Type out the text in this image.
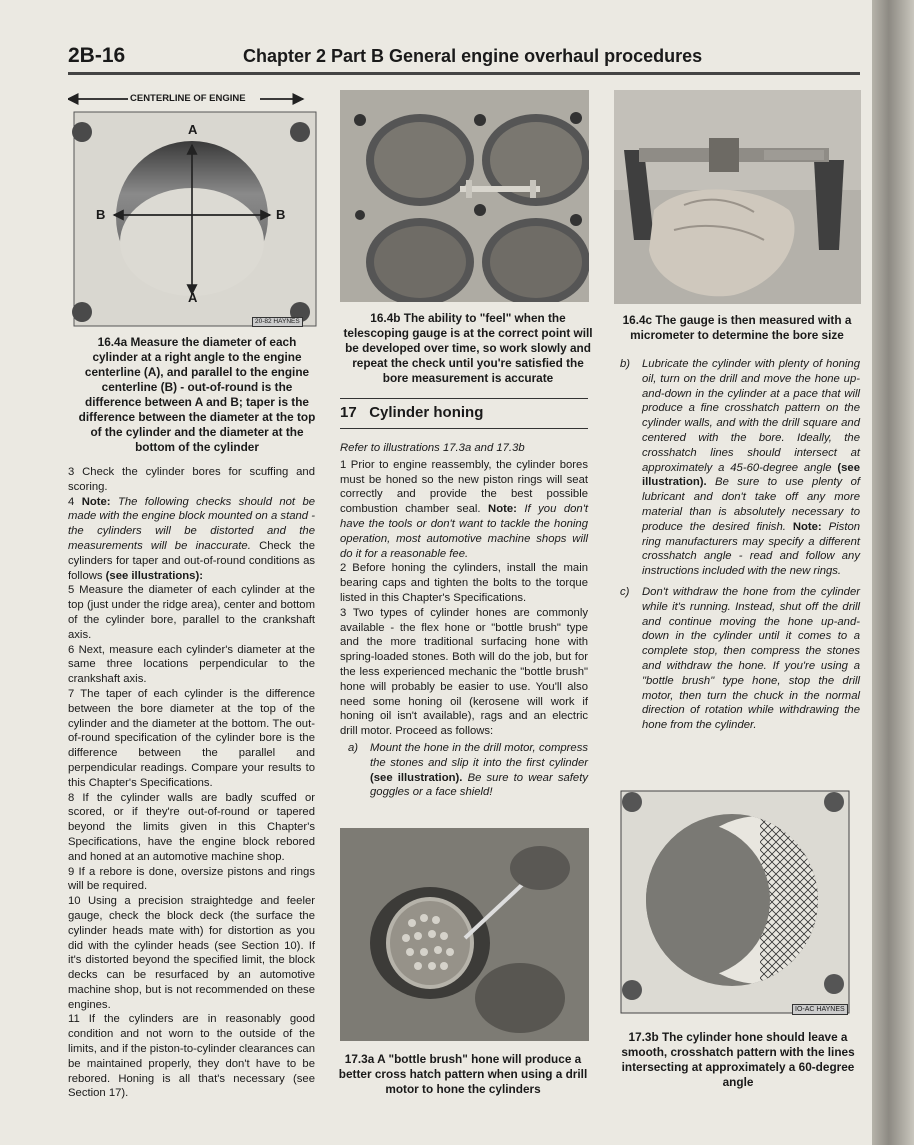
2B-16	Chapter 2 Part B General engine overhaul procedures
CENTERLINE OF ENGINE
A
A
B	B
20-82 HAYNES
16.4a Measure the diameter of each cylinder at a right angle to the engine centerline (A), and parallel to the engine centerline (B) - out-of-round is the difference between A and B; taper is the difference between the diameter at the top of the cylinder and the diameter at the bottom of the cylinder
16.4b The ability to "feel" when the telescoping gauge is at the correct point will be developed over time, so work slowly and repeat the check until you're satisfied the bore measurement is accurate
16.4c The gauge is then measured with a micrometer to determine the bore size

3 Check the cylinder bores for scuffing and scoring.

4 Note: The following checks should not be made with the engine block mounted on a stand - the cylinders will be distorted and the measurements will be inaccurate. Check the cylinders for taper and out-of-round conditions as follows (see illustrations):

5 Measure the diameter of each cylinder at the top (just under the ridge area), center and bottom of the cylinder bore, parallel to the crankshaft axis.

6 Next, measure each cylinder's diameter at the same three locations perpendicular to the crankshaft axis.

7 The taper of each cylinder is the difference between the bore diameter at the top of the cylinder and the diameter at the bottom. The out-of-round specification of the cylinder bore is the difference between the parallel and perpendicular readings. Compare your results to this Chapter's Specifications.

8 If the cylinder walls are badly scuffed or scored, or if they're out-of-round or tapered beyond the limits given in this Chapter's Specifications, have the engine block rebored and honed at an automotive machine shop.

9 If a rebore is done, oversize pistons and rings will be required.

10 Using a precision straightedge and feeler gauge, check the block deck (the surface the cylinder heads mate with) for distortion as you did with the cylinder heads (see Section 10). If it's distorted beyond the specified limit, the block decks can be resurfaced by an automotive machine shop, but is not recommended on these engines.

11 If the cylinders are in reasonably good condition and not worn to the outside of the limits, and if the piston-to-cylinder clearances can be maintained properly, they don't have to be rebored. Honing is all that's necessary (see Section 17).

17 Cylinder honing

Refer to illustrations 17.3a and 17.3b

1 Prior to engine reassembly, the cylinder bores must be honed so the new piston rings will seat correctly and provide the best possible combustion chamber seal. Note: If you don't have the tools or don't want to tackle the honing operation, most automotive machine shops will do it for a reasonable fee.

2 Before honing the cylinders, install the main bearing caps and tighten the bolts to the torque listed in this Chapter's Specifications.

3 Two types of cylinder hones are commonly available - the flex hone or "bottle brush" type and the more traditional surfacing hone with spring-loaded stones. Both will do the job, but for the less experienced mechanic the "bottle brush" hone will probably be easier to use. You'll also need some honing oil (kerosene will work if honing oil isn't available), rags and an electric drill motor. Proceed as follows:

a)	Mount the hone in the drill motor, compress the stones and slip it into the first cylinder (see illustration). Be sure to wear safety goggles or a face shield!
17.3a A "bottle brush" hone will produce a better cross hatch pattern when using a drill motor to hone the cylinders
b)	Lubricate the cylinder with plenty of honing oil, turn on the drill and move the hone up-and-down in the cylinder at a pace that will produce a fine crosshatch pattern on the cylinder walls, and with the drill square and centered with the bore. Ideally, the crosshatch lines should intersect at approximately a 45-60-degree angle (see illustration). Be sure to use plenty of lubricant and don't take off any more material than is absolutely necessary to produce the desired finish. Note: Piston ring manufacturers may specify a different crosshatch angle - read and follow any instructions included with the new rings.
c)	Don't withdraw the hone from the cylinder while it's running. Instead, shut off the drill and continue moving the hone up-and-down in the cylinder until it comes to a complete stop, then compress the stones and withdraw the hone. If you're using a "bottle brush" type hone, stop the drill motor, then turn the chuck in the normal direction of rotation while withdrawing the hone from the cylinder.
IO-AC HAYNES
17.3b The cylinder hone should leave a smooth, crosshatch pattern with the lines intersecting at approximately a 60-degree angle
